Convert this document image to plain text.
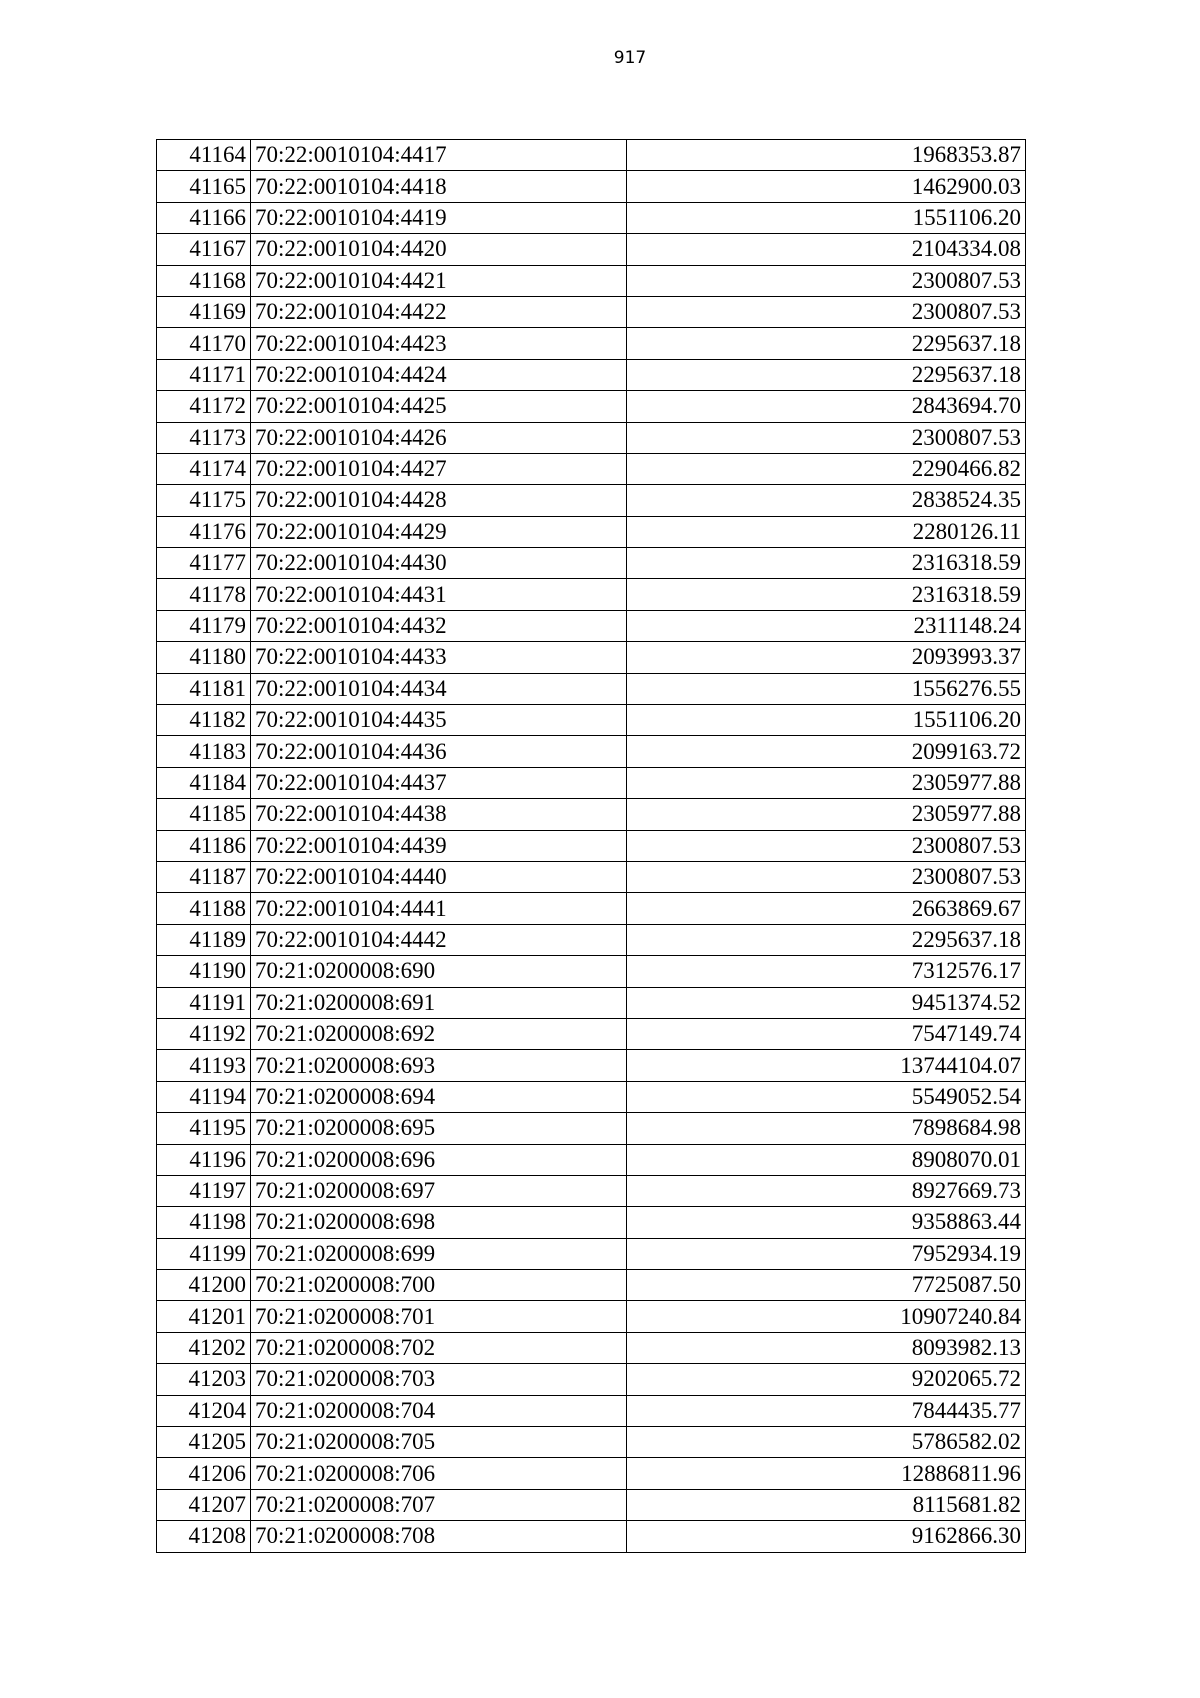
917
41164	70:22:0010104:4417	1968353.87
41165	70:22:0010104:4418	1462900.03
41166	70:22:0010104:4419	1551106.20
41167	70:22:0010104:4420	2104334.08
41168	70:22:0010104:4421	2300807.53
41169	70:22:0010104:4422	2300807.53
41170	70:22:0010104:4423	2295637.18
41171	70:22:0010104:4424	2295637.18
41172	70:22:0010104:4425	2843694.70
41173	70:22:0010104:4426	2300807.53
41174	70:22:0010104:4427	2290466.82
41175	70:22:0010104:4428	2838524.35
41176	70:22:0010104:4429	2280126.11
41177	70:22:0010104:4430	2316318.59
41178	70:22:0010104:4431	2316318.59
41179	70:22:0010104:4432	2311148.24
41180	70:22:0010104:4433	2093993.37
41181	70:22:0010104:4434	1556276.55
41182	70:22:0010104:4435	1551106.20
41183	70:22:0010104:4436	2099163.72
41184	70:22:0010104:4437	2305977.88
41185	70:22:0010104:4438	2305977.88
41186	70:22:0010104:4439	2300807.53
41187	70:22:0010104:4440	2300807.53
41188	70:22:0010104:4441	2663869.67
41189	70:22:0010104:4442	2295637.18
41190	70:21:0200008:690	7312576.17
41191	70:21:0200008:691	9451374.52
41192	70:21:0200008:692	7547149.74
41193	70:21:0200008:693	13744104.07
41194	70:21:0200008:694	5549052.54
41195	70:21:0200008:695	7898684.98
41196	70:21:0200008:696	8908070.01
41197	70:21:0200008:697	8927669.73
41198	70:21:0200008:698	9358863.44
41199	70:21:0200008:699	7952934.19
41200	70:21:0200008:700	7725087.50
41201	70:21:0200008:701	10907240.84
41202	70:21:0200008:702	8093982.13
41203	70:21:0200008:703	9202065.72
41204	70:21:0200008:704	7844435.77
41205	70:21:0200008:705	5786582.02
41206	70:21:0200008:706	12886811.96
41207	70:21:0200008:707	8115681.82
41208	70:21:0200008:708	9162866.30
